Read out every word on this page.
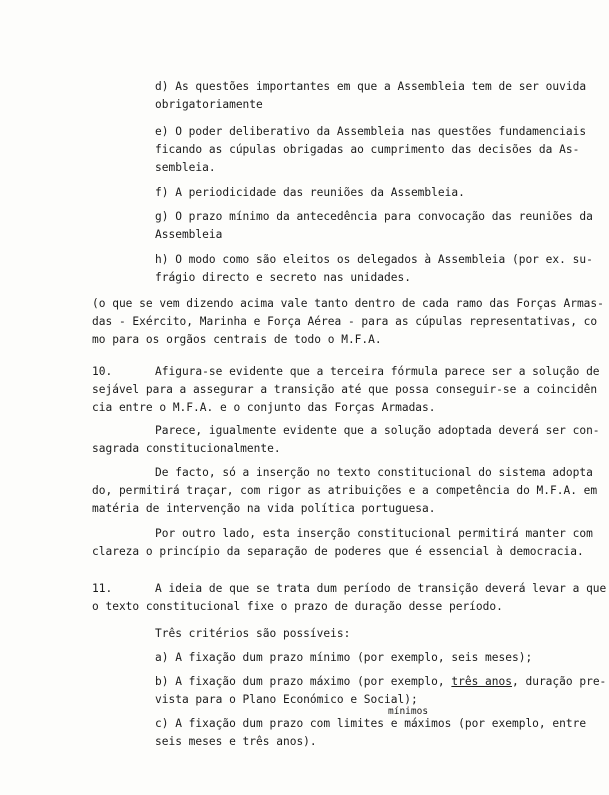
d) As questões importantes em que a Assembleia tem de ser ouvida
obrigatoriamente
e) O poder deliberativo da Assembleia nas questões fundamenciais
ficando as cúpulas obrigadas ao cumprimento das decisões da As-
sembleia.
f) A periodicidade das reuniões da Assembleia.
g) O prazo mínimo da antecedência para convocação das reuniões da
Assembleia
h) O modo como são eleitos os delegados à Assembleia (por ex. su-
frágio directo e secreto nas unidades.
(o que se vem dizendo acima vale tanto dentro de cada ramo das Forças Armas-
das - Exército, Marinha e Força Aérea - para as cúpulas representativas, co
mo para os orgãos centrais de todo o M.F.A.
10.	Afigura-se evidente que a terceira fórmula parece ser a solução de
sejável para a assegurar a transição até que possa conseguir-se a coincidên
cia entre o M.F.A. e o conjunto das Forças Armadas.
Parece, igualmente evidente que a solução adoptada deverá ser con-
sagrada constitucionalmente.
De facto, só a inserção no texto constitucional do sistema adopta
do, permitirá traçar, com rigor as atribuições e a competência do M.F.A. em
matéria de intervenção na vida política portuguesa.
Por outro lado, esta inserção constitucional permitirá manter com
clareza o princípio da separação de poderes que é essencial à democracia.
11.	A ideia de que se trata dum período de transição deverá levar a que
o texto constitucional fixe o prazo de duração desse período.
Três critérios são possíveis:
a) A fixação dum prazo mínimo (por exemplo, seis meses);
b) A fixação dum prazo máximo (por exemplo, três anos, duração pre-
vista para o Plano Económico e Social);
mínimos
c) A fixação dum prazo com limites e máximos (por exemplo, entre
seis meses e três anos).
